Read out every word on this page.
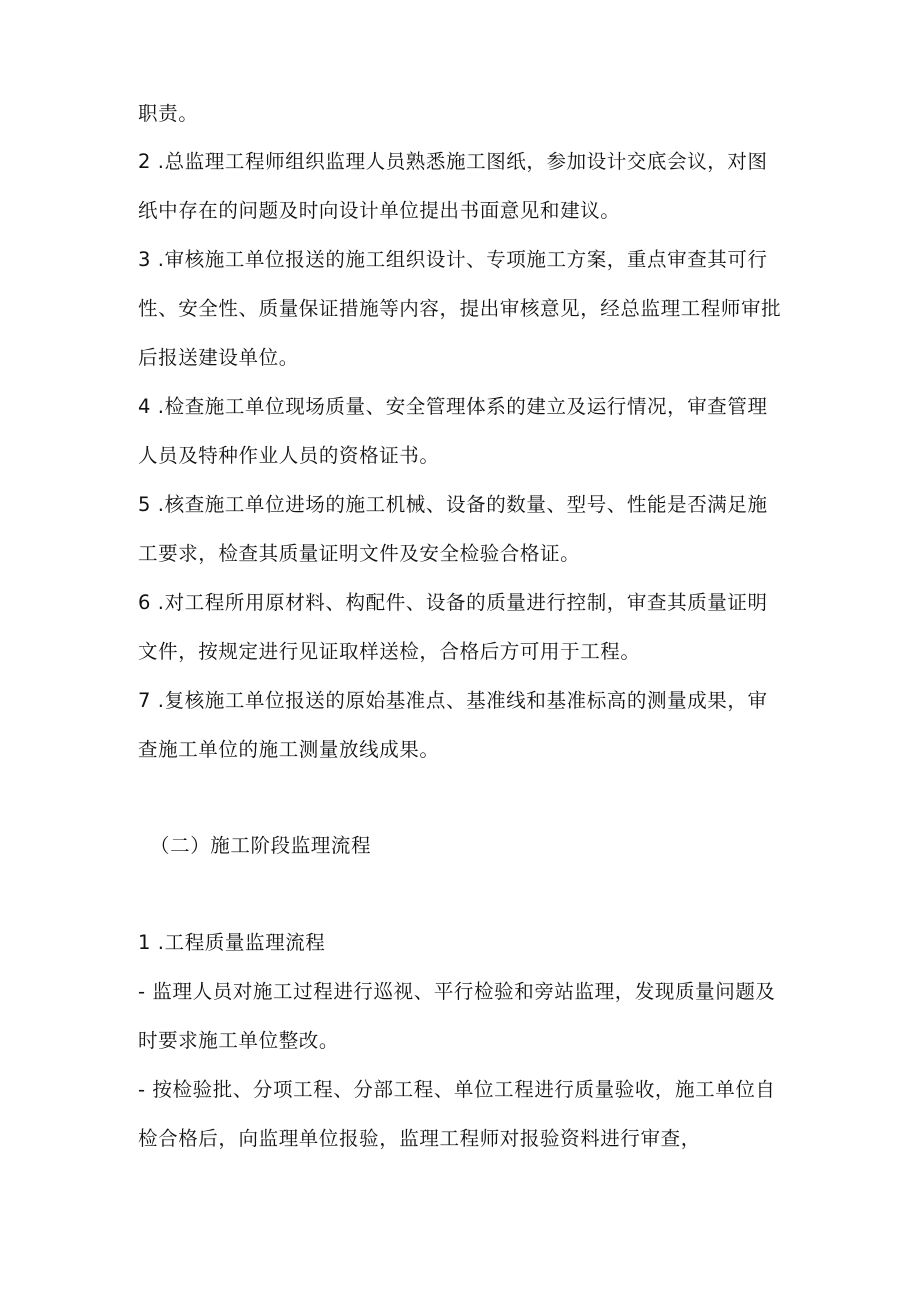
职责。
2 .总监理工程师组织监理人员熟悉施工图纸，参加设计交底会议，对图
纸中存在的问题及时向设计单位提出书面意见和建议。
3 .审核施工单位报送的施工组织设计、专项施工方案，重点审查其可行
性、安全性、质量保证措施等内容，提出审核意见，经总监理工程师审批
后报送建设单位。
4 .检查施工单位现场质量、安全管理体系的建立及运行情况，审查管理
人员及特种作业人员的资格证书。
5 .核查施工单位进场的施工机械、设备的数量、型号、性能是否满足施
工要求，检查其质量证明文件及安全检验合格证。
6 .对工程所用原材料、构配件、设备的质量进行控制，审查其质量证明
文件，按规定进行见证取样送检，合格后方可用于工程。
7 .复核施工单位报送的原始基准点、基准线和基准标高的测量成果，审
查施工单位的施工测量放线成果。
（二）施工阶段监理流程
1 .工程质量监理流程
- 监理人员对施工过程进行巡视、平行检验和旁站监理，发现质量问题及
时要求施工单位整改。
- 按检验批、分项工程、分部工程、单位工程进行质量验收，施工单位自
检合格后，向监理单位报验，监理工程师对报验资料进行审查，
